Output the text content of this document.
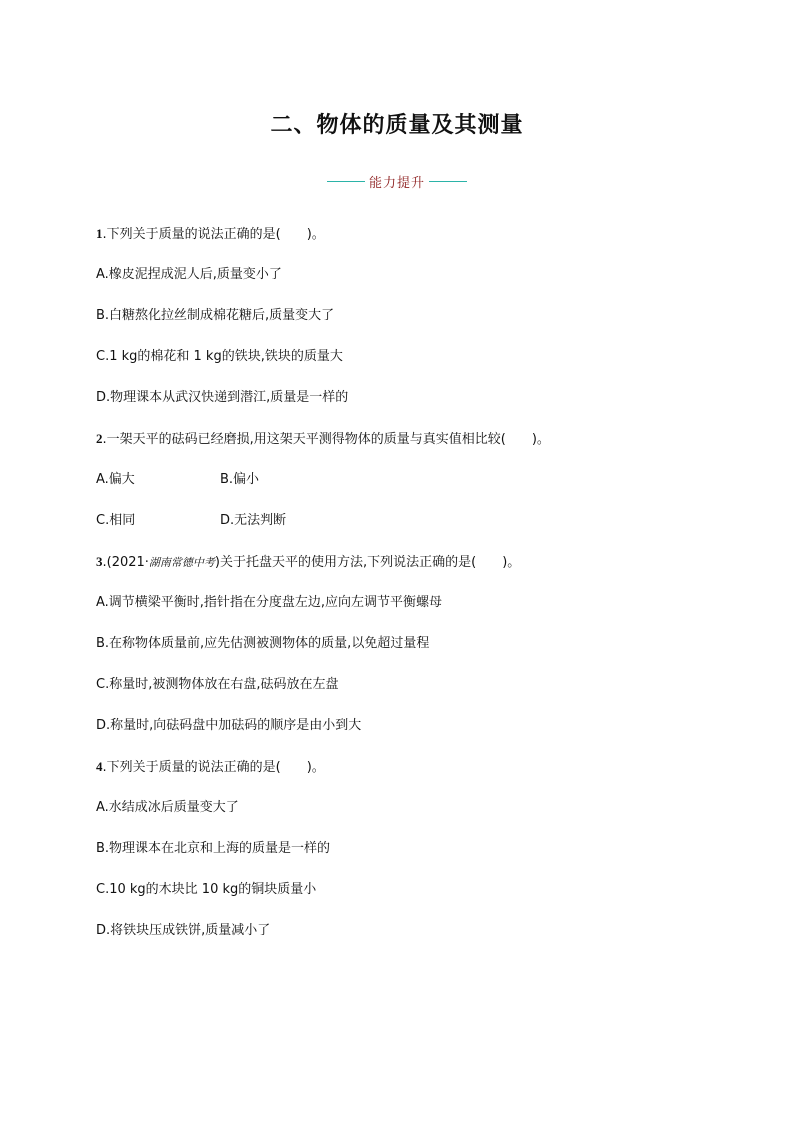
二、物体的质量及其测量
能力提升
1.下列关于质量的说法正确的是(　　)。
A.橡皮泥捏成泥人后,质量变小了
B.白糖熬化拉丝制成棉花糖后,质量变大了
C.1 kg的棉花和 1 kg的铁块,铁块的质量大
D.物理课本从武汉快递到潜江,质量是一样的
2.一架天平的砝码已经磨损,用这架天平测得物体的质量与真实值相比较(　　)。
A.偏大	B.偏小
C.相同	D.无法判断
3.(2021·湖南常德中考)关于托盘天平的使用方法,下列说法正确的是(　　)。
A.调节横梁平衡时,指针指在分度盘左边,应向左调节平衡螺母
B.在称物体质量前,应先估测被测物体的质量,以免超过量程
C.称量时,被测物体放在右盘,砝码放在左盘
D.称量时,向砝码盘中加砝码的顺序是由小到大
4.下列关于质量的说法正确的是(　　)。
A.水结成冰后质量变大了
B.物理课本在北京和上海的质量是一样的
C.10 kg的木块比 10 kg的铜块质量小
D.将铁块压成铁饼,质量减小了
